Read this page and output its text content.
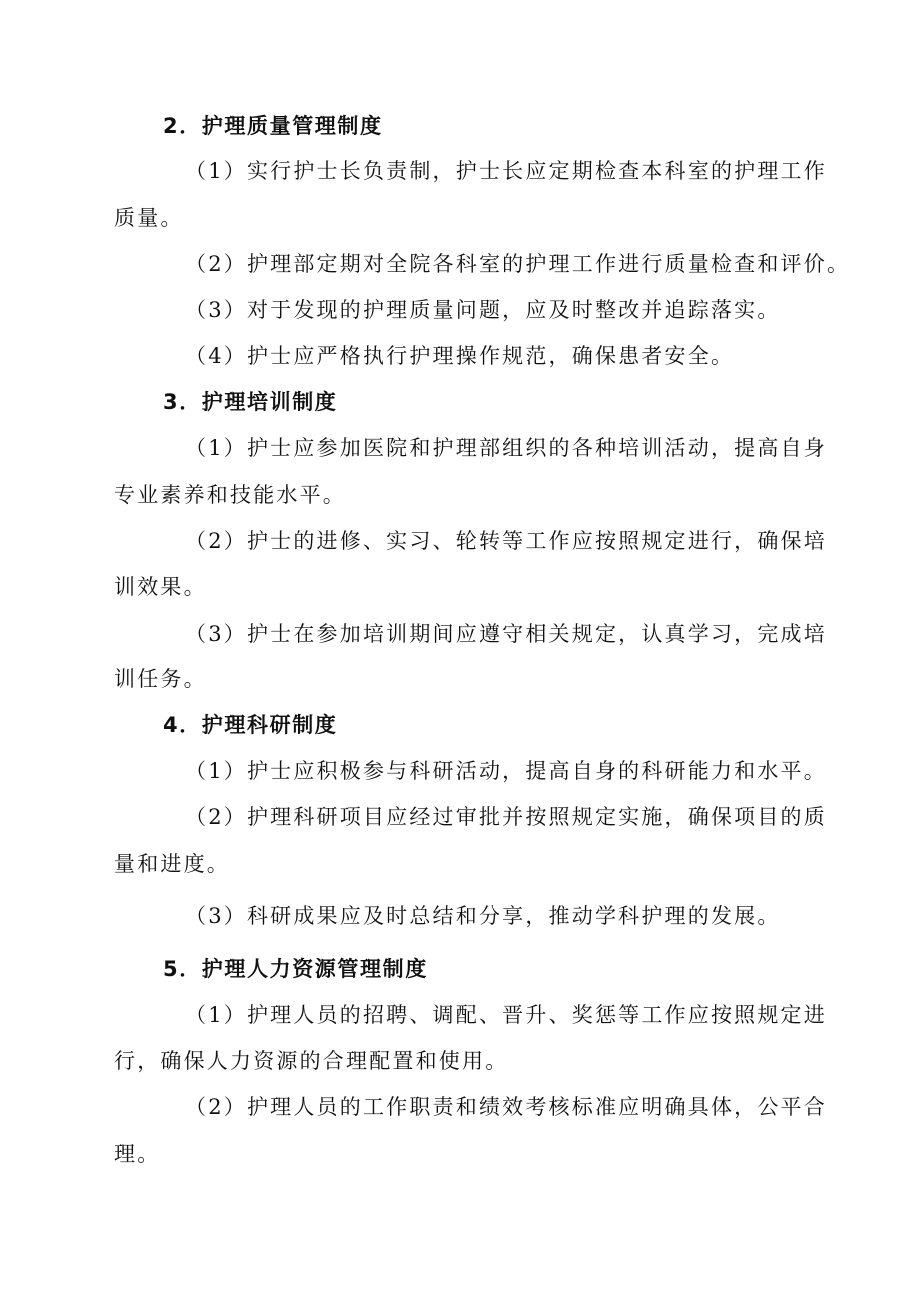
2．护理质量管理制度
（1）实行护士长负责制，护士长应定期检查本科室的护理工作
质量。
（2）护理部定期对全院各科室的护理工作进行质量检查和评价。
（3）对于发现的护理质量问题，应及时整改并追踪落实。
（4）护士应严格执行护理操作规范，确保患者安全。
3．护理培训制度
（1）护士应参加医院和护理部组织的各种培训活动，提高自身
专业素养和技能水平。
（2）护士的进修、实习、轮转等工作应按照规定进行，确保培
训效果。
（3）护士在参加培训期间应遵守相关规定，认真学习，完成培
训任务。
4．护理科研制度
（1）护士应积极参与科研活动，提高自身的科研能力和水平。
（2）护理科研项目应经过审批并按照规定实施，确保项目的质
量和进度。
（3）科研成果应及时总结和分享，推动学科护理的发展。
5．护理人力资源管理制度
（1）护理人员的招聘、调配、晋升、奖惩等工作应按照规定进
行，确保人力资源的合理配置和使用。
（2）护理人员的工作职责和绩效考核标准应明确具体，公平合
理。
